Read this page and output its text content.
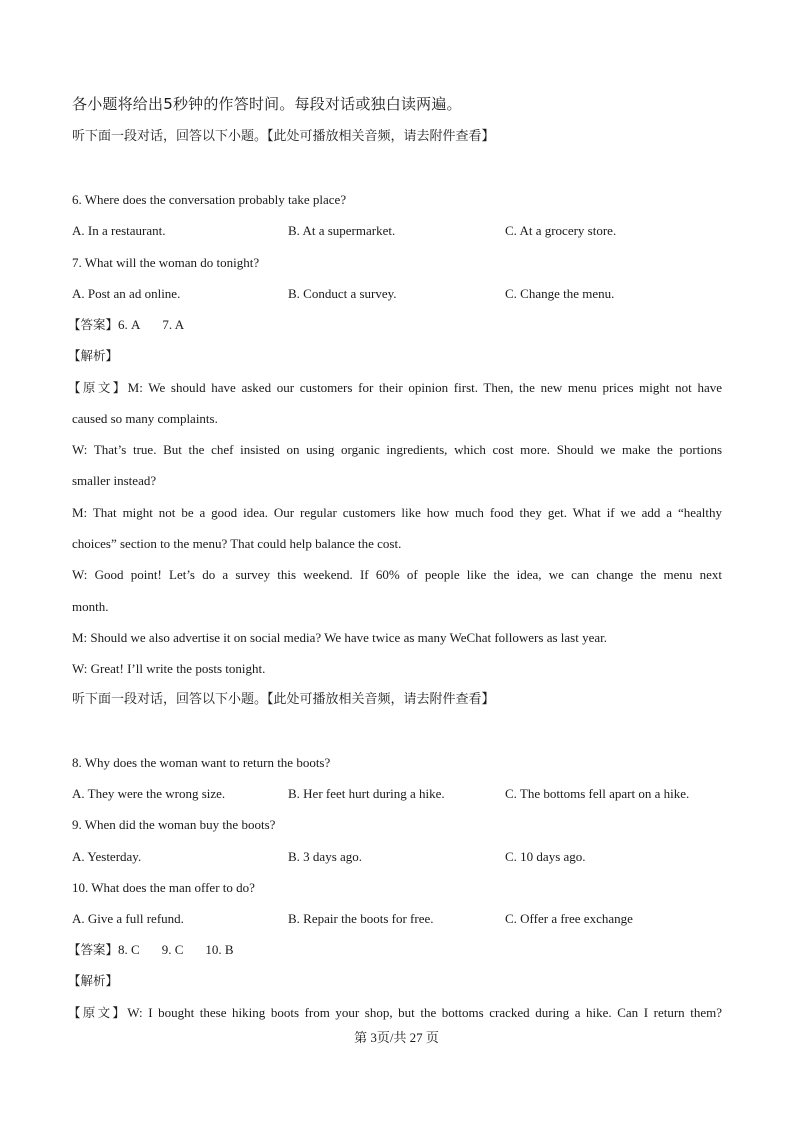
各小题将给出5秒钟的作答时间。每段对话或独白读两遍。
听下面一段对话，回答以下小题。【此处可播放相关音频，请去附件查看】
6. Where does the conversation probably take place?
A. In a restaurant.	B. At a supermarket.	C. At a grocery store.
7. What will the woman do tonight?
A. Post an ad online.	B. Conduct a survey.	C. Change the menu.
【答案】6. A 7. A
【解析】
【原文】M: We should have asked our customers for their opinion first. Then, the new menu prices might not have
caused so many complaints.
W: That’s true. But the chef insisted on using organic ingredients, which cost more. Should we make the portions
smaller instead?
M: That might not be a good idea. Our regular customers like how much food they get. What if we add a “healthy
choices” section to the menu? That could help balance the cost.
W: Good point! Let’s do a survey this weekend. If 60% of people like the idea, we can change the menu next
month.
M: Should we also advertise it on social media? We have twice as many WeChat followers as last year.
W: Great! I’ll write the posts tonight.
听下面一段对话，回答以下小题。【此处可播放相关音频，请去附件查看】
8. Why does the woman want to return the boots?
A. They were the wrong size.	B. Her feet hurt during a hike.	C. The bottoms fell apart on a hike.
9. When did the woman buy the boots?
A. Yesterday.	B. 3 days ago.	C. 10 days ago.
10. What does the man offer to do?
A. Give a full refund.	B. Repair the boots for free.	C. Offer a free exchange
【答案】8. C 9. C 10. B
【解析】
【原文】W: I bought these hiking boots from your shop, but the bottoms cracked during a hike. Can I return them?
第 3页/共 27 页
